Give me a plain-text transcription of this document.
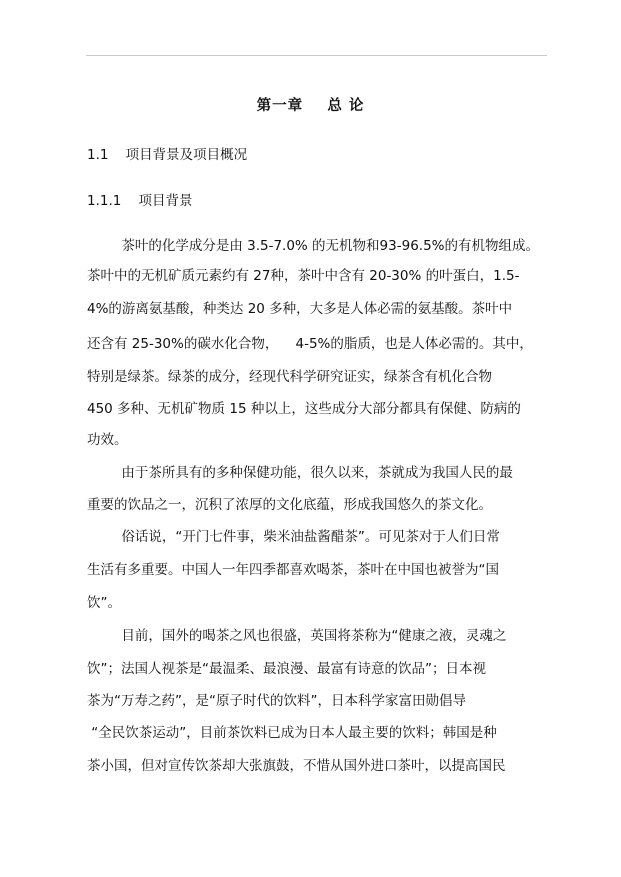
第一章    总 论
1.1    项目背景及项目概况
1.1.1    项目背景
茶叶的化学成分是由 3.5-7.0% 的无机物和93-96.5%的有机物组成。
茶叶中的无机矿质元素约有 27种，茶叶中含有 20-30% 的叶蛋白，1.5-
4%的游离氨基酸，种类达 20 多种，大多是人体必需的氨基酸。茶叶中
还含有 25-30%的碳水化合物，    4-5%的脂质，也是人体必需的。其中，
特别是绿茶。绿茶的成分，经现代科学研究证实，绿茶含有机化合物
450 多种、无机矿物质 15 种以上，这些成分大部分都具有保健、防病的
功效。
由于茶所具有的多种保健功能，很久以来，茶就成为我国人民的最
重要的饮品之一，沉积了浓厚的文化底蕴，形成我国悠久的茶文化。
俗话说，“开门七件事，柴米油盐酱醋茶”。可见茶对于人们日常
生活有多重要。中国人一年四季都喜欢喝茶，茶叶在中国也被誉为“国
饮”。
目前，国外的喝茶之风也很盛，英国将茶称为“健康之液，灵魂之
饮”；法国人视茶是“最温柔、最浪漫、最富有诗意的饮品”；日本视
茶为“万寿之药”，是“原子时代的饮料”，日本科学家富田勋倡导
“全民饮茶运动”，目前茶饮料已成为日本人最主要的饮料；韩国是种
茶小国，但对宣传饮茶却大张旗鼓，不惜从国外进口茶叶，以提高国民
